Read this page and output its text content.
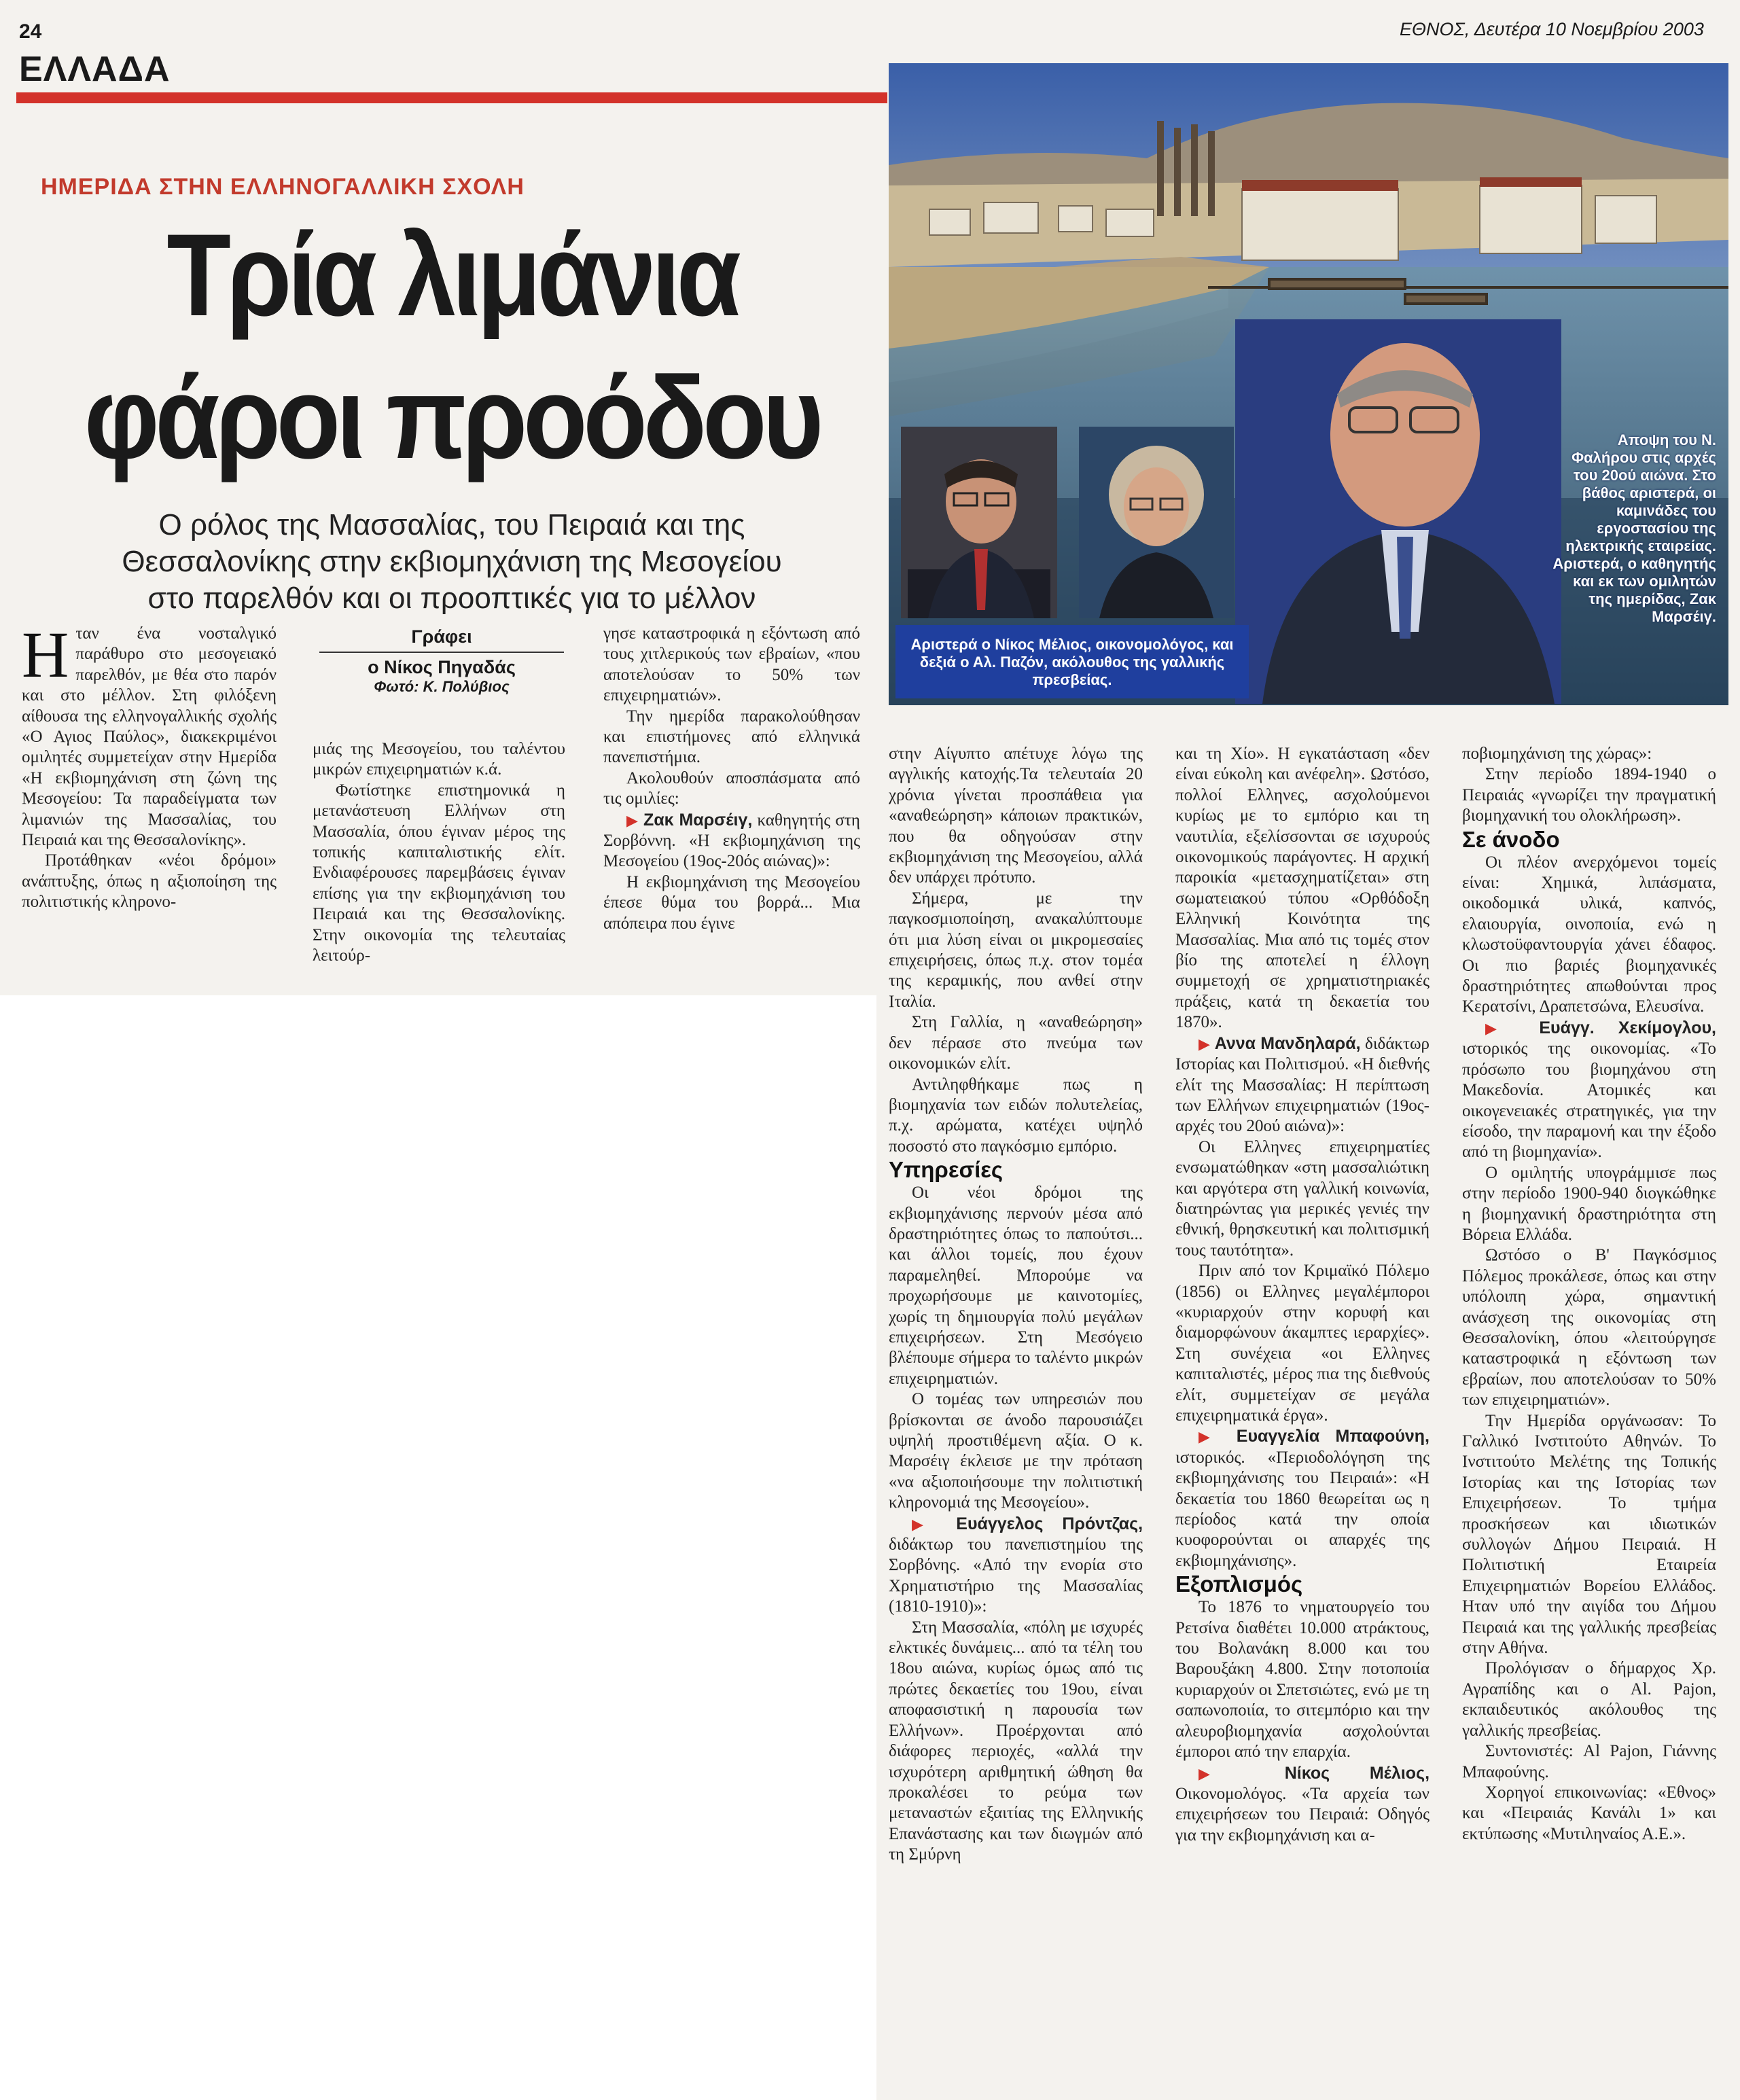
24
ΕΛΛΑΔΑ
ΕΘΝΟΣ, Δευτέρα 10 Νοεμβρίου 2003
ΗΜΕΡΙΔΑ ΣΤΗΝ ΕΛΛΗΝΟΓΑΛΛΙΚΗ ΣΧΟΛΗ
Τρία λιμάνια
φάροι προόδου
Ο ρόλος της Μασσαλίας, του Πειραιά και της
Θεσσαλονίκης στην εκβιομηχάνιση της Μεσογείου
στο παρελθόν και οι προοπτικές για το μέλλον
Γράφει
ο Νίκος Πηγαδάς
Φωτό: Κ. Πολύβιος
Αριστερά ο Νίκος Μέλιος, οικονομολόγος, και δεξιά ο Αλ. Παζόν, ακόλουθος της γαλλικής πρεσβείας.
Αποψη του Ν. Φαλήρου στις αρχές του 20ού αιώνα. Στο βάθος αριστερά, οι καμινάδες του εργοστασίου της ηλεκτρικής εταιρείας. Αριστερά, ο καθηγητής και εκ των ομιλητών της ημερίδας, Ζακ Μαρσέιγ.
Η ταν ένα νοσταλγικό παράθυρο στο μεσογειακό παρελθόν, με θέα στο παρόν και στο μέλλον. Στη φιλόξενη αίθουσα της ελληνογαλλικής σχολής «Ο Αγιος Παύλος», διακεκριμένοι ομιλητές συμμετείχαν στην Ημερίδα «Η εκβιομηχάνιση στη ζώνη της Μεσογείου: Τα παραδείγματα των λιμανιών της Μασσαλίας, του Πειραιά και της Θεσσαλονίκης».

Προτάθηκαν «νέοι δρόμοι» ανάπτυξης, όπως η αξιοποίηση της πολιτιστικής κληρονο-

μιάς της Μεσογείου, του ταλέντου μικρών επιχειρηματιών κ.ά.

Φωτίστηκε επιστημονικά η μετανάστευση Ελλήνων στη Μασσαλία, όπου έγιναν μέρος της τοπικής καπιταλιστικής ελίτ. Ενδιαφέρουσες παρεμβάσεις έγιναν επίσης για την εκβιομηχάνιση του Πειραιά και της Θεσσαλονίκης. Στην οικονομία της τελευταίας λειτούρ-

γησε καταστροφικά η εξόντωση από τους χιτλερικούς των εβραίων, «που αποτελούσαν το 50% των επιχειρηματιών».

Την ημερίδα παρακολούθησαν και επιστήμονες από ελληνικά πανεπιστήμια.

Ακολουθούν αποσπάσματα από τις ομιλίες:

▶ Ζακ Μαρσέιγ, καθηγητής στη Σορβόννη. «Η εκβιομηχάνιση της Μεσογείου (19ος-20ός αιώνας)»:

Η εκβιομηχάνιση της Μεσογείου έπεσε θύμα του βορρά... Μια απόπειρα που έγινε

στην Αίγυπτο απέτυχε λόγω της αγγλικής κατοχής.Τα τελευταία 20 χρόνια γίνεται προσπάθεια για «αναθεώρηση» κάποιων πρακτικών, που θα οδηγούσαν στην εκβιομηχάνιση της Μεσογείου, αλλά δεν υπάρχει πρότυπο.

Σήμερα, με την παγκοσμιοποίηση, ανακαλύπτουμε ότι μια λύση είναι οι μικρομεσαίες επιχειρήσεις, όπως π.χ. στον τομέα της κεραμικής, που ανθεί στην Ιταλία.

Στη Γαλλία, η «αναθεώρηση» δεν πέρασε στο πνεύμα των οικονομικών ελίτ.

Αντιληφθήκαμε πως η βιομηχανία των ειδών πολυτελείας, π.χ. αρώματα, κατέχει υψηλό ποσοστό στο παγκόσμιο εμπόριο.

Υπηρεσίες

Οι νέοι δρόμοι της εκβιομηχάνισης περνούν μέσα από δραστηριότητες όπως το παπούτσι... και άλλοι τομείς, που έχουν παραμεληθεί. Μπορούμε να προχωρήσουμε με καινοτομίες, χωρίς τη δημιουργία πολύ μεγάλων επιχειρήσεων. Στη Μεσόγειο βλέπουμε σήμερα το ταλέντο μικρών επιχειρηματιών.

Ο τομέας των υπηρεσιών που βρίσκονται σε άνοδο παρουσιάζει υψηλή προστιθέμενη αξία. Ο κ. Μαρσέιγ έκλεισε με την πρόταση «να αξιοποιήσουμε την πολιτιστική κληρονομιά της Μεσογείου».

▶ Ευάγγελος Πρόντζας, διδάκτωρ του πανεπιστημίου της Σορβόνης. «Από την ενορία στο Χρηματιστήριο της Μασσαλίας (1810-1910)»:

Στη Μασσαλία, «πόλη με ισχυρές ελκτικές δυνάμεις... από τα τέλη του 18ου αιώνα, κυρίως όμως από τις πρώτες δεκαετίες του 19ου, είναι αποφασιστική η παρουσία των Ελλήνων». Προέρχονται από διάφορες περιοχές, «αλλά την ισχυρότερη αριθμητική ώθηση θα προκαλέσει το ρεύμα των μεταναστών εξαιτίας της Ελληνικής Επανάστασης και των διωγμών από τη Σμύρνη

και τη Χίο». Η εγκατάσταση «δεν είναι εύκολη και ανέφελη». Ωστόσο, πολλοί Ελληνες, ασχολούμενοι κυρίως με το εμπόριο και τη ναυτιλία, εξελίσσονται σε ισχυρούς οικονομικούς παράγοντες. Η αρχική παροικία «μετασχηματίζεται» στη σωματειακού τύπου «Ορθόδοξη Ελληνική Κοινότητα της Μασσαλίας. Μια από τις τομές στον βίο της αποτελεί η έλλογη συμμετοχή σε χρηματιστηριακές πράξεις, κατά τη δεκαετία του 1870».

▶ Αννα Μανδηλαρά, διδάκτωρ Ιστορίας και Πολιτισμού. «Η διεθνής ελίτ της Μασσαλίας: Η περίπτωση των Ελλήνων επιχειρηματιών (19ος-αρχές του 20ού αιώνα)»:

Οι Ελληνες επιχειρηματίες ενσωματώθηκαν «στη μασσαλιώτικη και αργότερα στη γαλλική κοινωνία, διατηρώντας για μερικές γενιές την εθνική, θρησκευτική και πολιτισμική τους ταυτότητα».

Πριν από τον Κριμαϊκό Πόλεμο (1856) οι Ελληνες μεγαλέμποροι «κυριαρχούν στην κορυφή και διαμορφώνουν άκαμπτες ιεραρχίες». Στη συνέχεια «οι Ελληνες καπιταλιστές, μέρος πια της διεθνούς ελίτ, συμμετείχαν σε μεγάλα επιχειρηματικά έργα».

▶ Ευαγγελία Μπαφούνη, ιστορικός. «Περιοδολόγηση της εκβιομηχάνισης του Πειραιά»: «Η δεκαετία του 1860 θεωρείται ως η περίοδος κατά την οποία κυοφορούνται οι απαρχές της εκβιομηχάνισης».

Εξοπλισμός

Το 1876 το νηματουργείο του Ρετσίνα διαθέτει 10.000 ατράκτους, του Βολανάκη 8.000 και του Βαρουξάκη 4.800. Στην ποτοποιία κυριαρχούν οι Σπετσιώτες, ενώ με τη σαπωνοποιία, το σιτεμπόριο και την αλευροβιομηχανία ασχολούνται έμποροι από την επαρχία.

▶ Νίκος Μέλιος, Οικονομολόγος. «Τα αρχεία των επιχειρήσεων του Πειραιά: Οδηγός για την εκβιομηχάνιση και α-

ποβιομηχάνιση της χώρας»:

Στην περίοδο 1894-1940 ο Πειραιάς «γνωρίζει την πραγματική βιομηχανική του ολοκλήρωση».

Σε άνοδο

Οι πλέον ανερχόμενοι τομείς είναι: Χημικά, λιπάσματα, οικοδομικά υλικά, καπνός, ελαιουργία, οινοποιία, ενώ η κλωστοϋφαντουργία χάνει έδαφος. Οι πιο βαριές βιομηχανικές δραστηριότητες απωθούνται προς Κερατσίνι, Δραπετσώνα, Ελευσίνα.

▶ Ευάγγ. Χεκίμογλου, ιστορικός της οικονομίας. «Το πρόσωπο του βιομηχάνου στη Μακεδονία. Ατομικές και οικογενειακές στρατηγικές, για την είσοδο, την παραμονή και την έξοδο από τη βιομηχανία».

Ο ομιλητής υπογράμμισε πως στην περίοδο 1900-940 διογκώθηκε η βιομηχανική δραστηριότητα στη Βόρεια Ελλάδα.

Ωστόσο ο Β' Παγκόσμιος Πόλεμος προκάλεσε, όπως και στην υπόλοιπη χώρα, σημαντική ανάσχεση της οικονομίας στη Θεσσαλονίκη, όπου «λειτούργησε καταστροφικά η εξόντωση των εβραίων, που αποτελούσαν το 50% των επιχειρηματιών».

Την Ημερίδα οργάνωσαν: Το Γαλλικό Ινστιτούτο Αθηνών. Το Ινστιτούτο Μελέτης της Τοπικής Ιστορίας και της Ιστορίας των Επιχειρήσεων. Το τμήμα προσκήσεων και ιδιωτικών συλλογών Δήμου Πειραιά. Η Πολιτιστική Εταιρεία Επιχειρηματιών Βορείου Ελλάδος. Ηταν υπό την αιγίδα του Δήμου Πειραιά και της γαλλικής πρεσβείας στην Αθήνα.

Προλόγισαν ο δήμαρχος Χρ. Αγραπίδης και ο Al. Pajon, εκπαιδευτικός ακόλουθος της γαλλικής πρεσβείας.

Συντονιστές: Al Pajon, Γιάννης Μπαφούνης.

Χορηγοί επικοινωνίας: «Εθνος» και «Πειραιάς Κανάλι 1» και εκτύπωσης «Μυτιληναίος Α.Ε.».
